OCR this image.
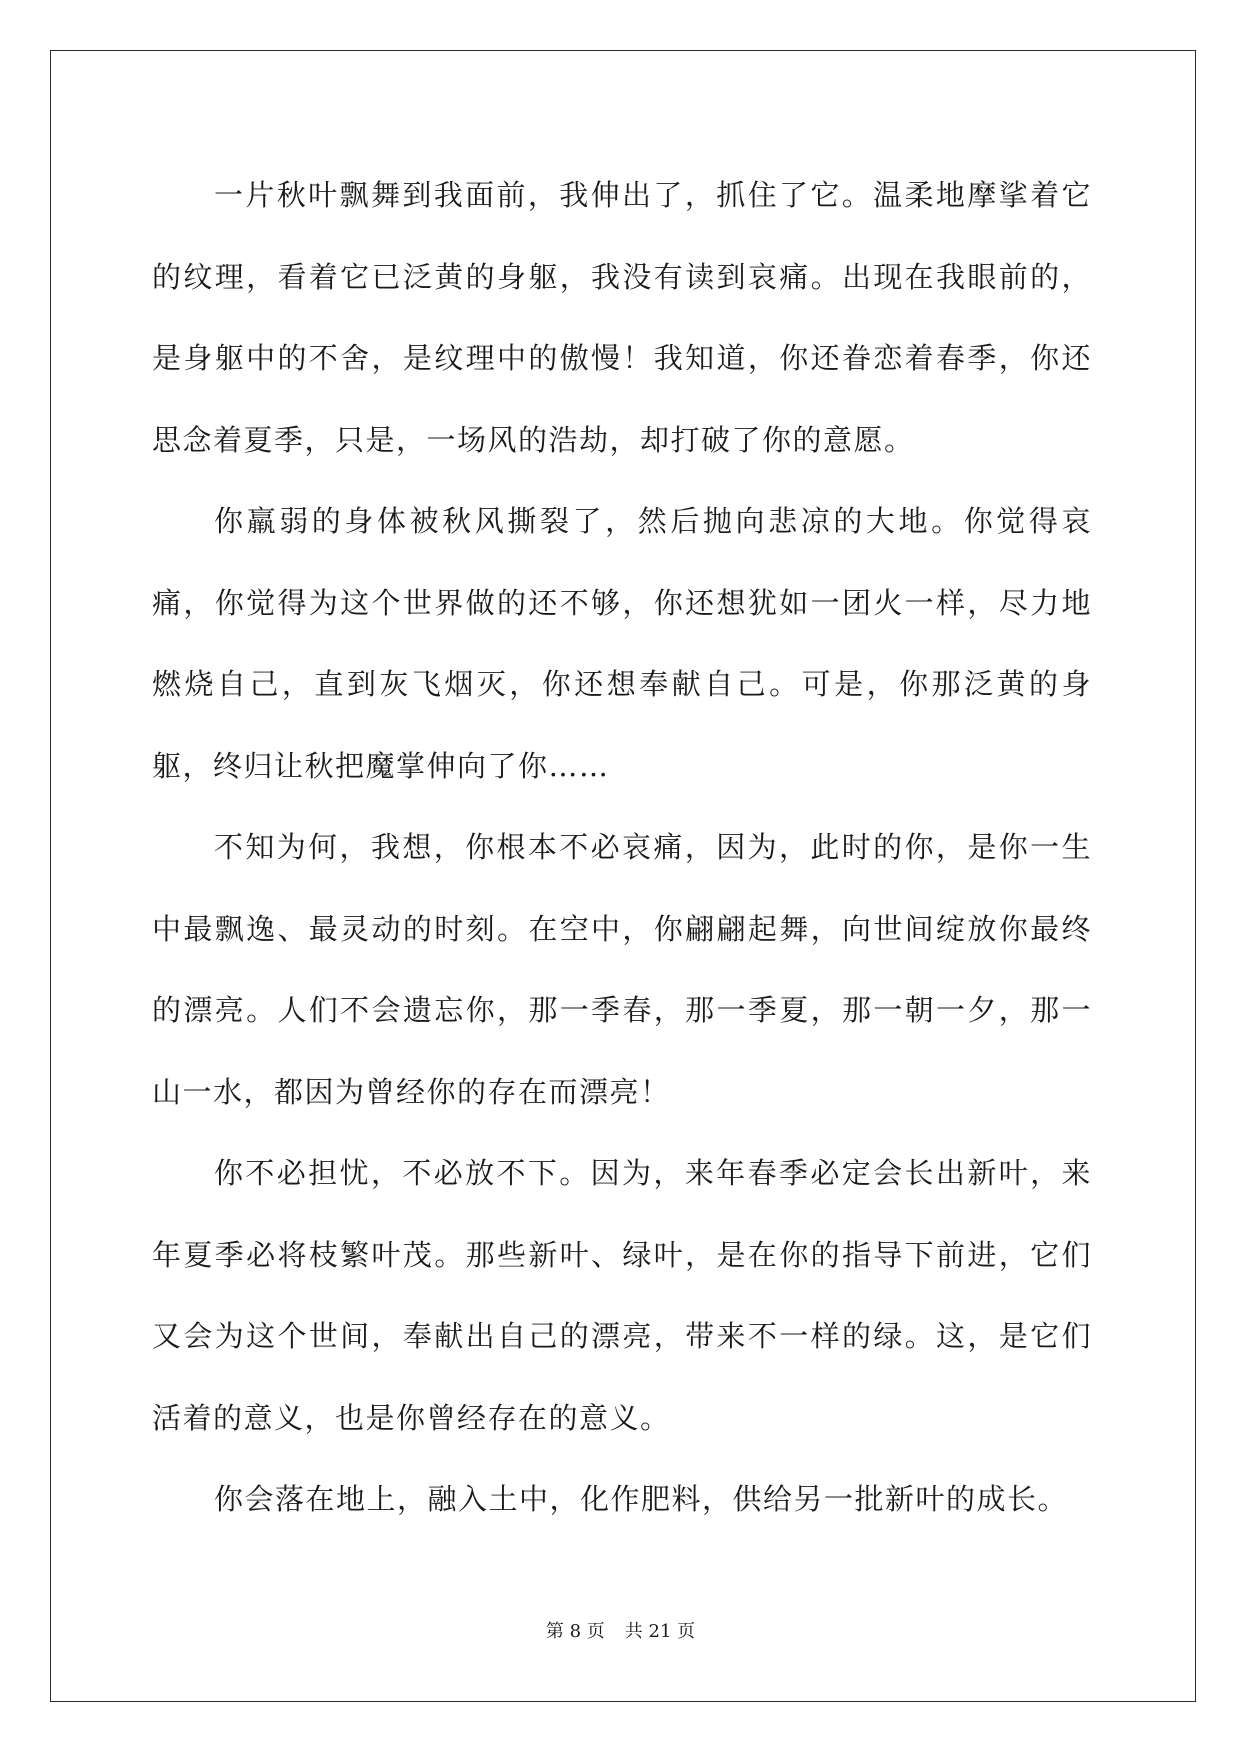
一片秋叶飘舞到我面前，我伸出了，抓住了它。温柔地摩挲着它的纹理，看着它已泛黄的身躯，我没有读到哀痛。出现在我眼前的，是身躯中的不舍，是纹理中的傲慢！我知道，你还眷恋着春季，你还思念着夏季，只是，一场风的浩劫，却打破了你的意愿。

你羸弱的身体被秋风撕裂了，然后抛向悲凉的大地。你觉得哀痛，你觉得为这个世界做的还不够，你还想犹如一团火一样，尽力地燃烧自己，直到灰飞烟灭，你还想奉献自己。可是，你那泛黄的身躯，终归让秋把魔掌伸向了你……

不知为何，我想，你根本不必哀痛，因为，此时的你，是你一生中最飘逸、最灵动的时刻。在空中，你翩翩起舞，向世间绽放你最终的漂亮。人们不会遗忘你，那一季春，那一季夏，那一朝一夕，那一山一水，都因为曾经你的存在而漂亮！

你不必担忧，不必放不下。因为，来年春季必定会长出新叶，来年夏季必将枝繁叶茂。那些新叶、绿叶，是在你的指导下前进，它们又会为这个世间，奉献出自己的漂亮，带来不一样的绿。这，是它们活着的意义，也是你曾经存在的意义。

你会落在地上，融入土中，化作肥料，供给另一批新叶的成长。

第 8 页 共 21 页
